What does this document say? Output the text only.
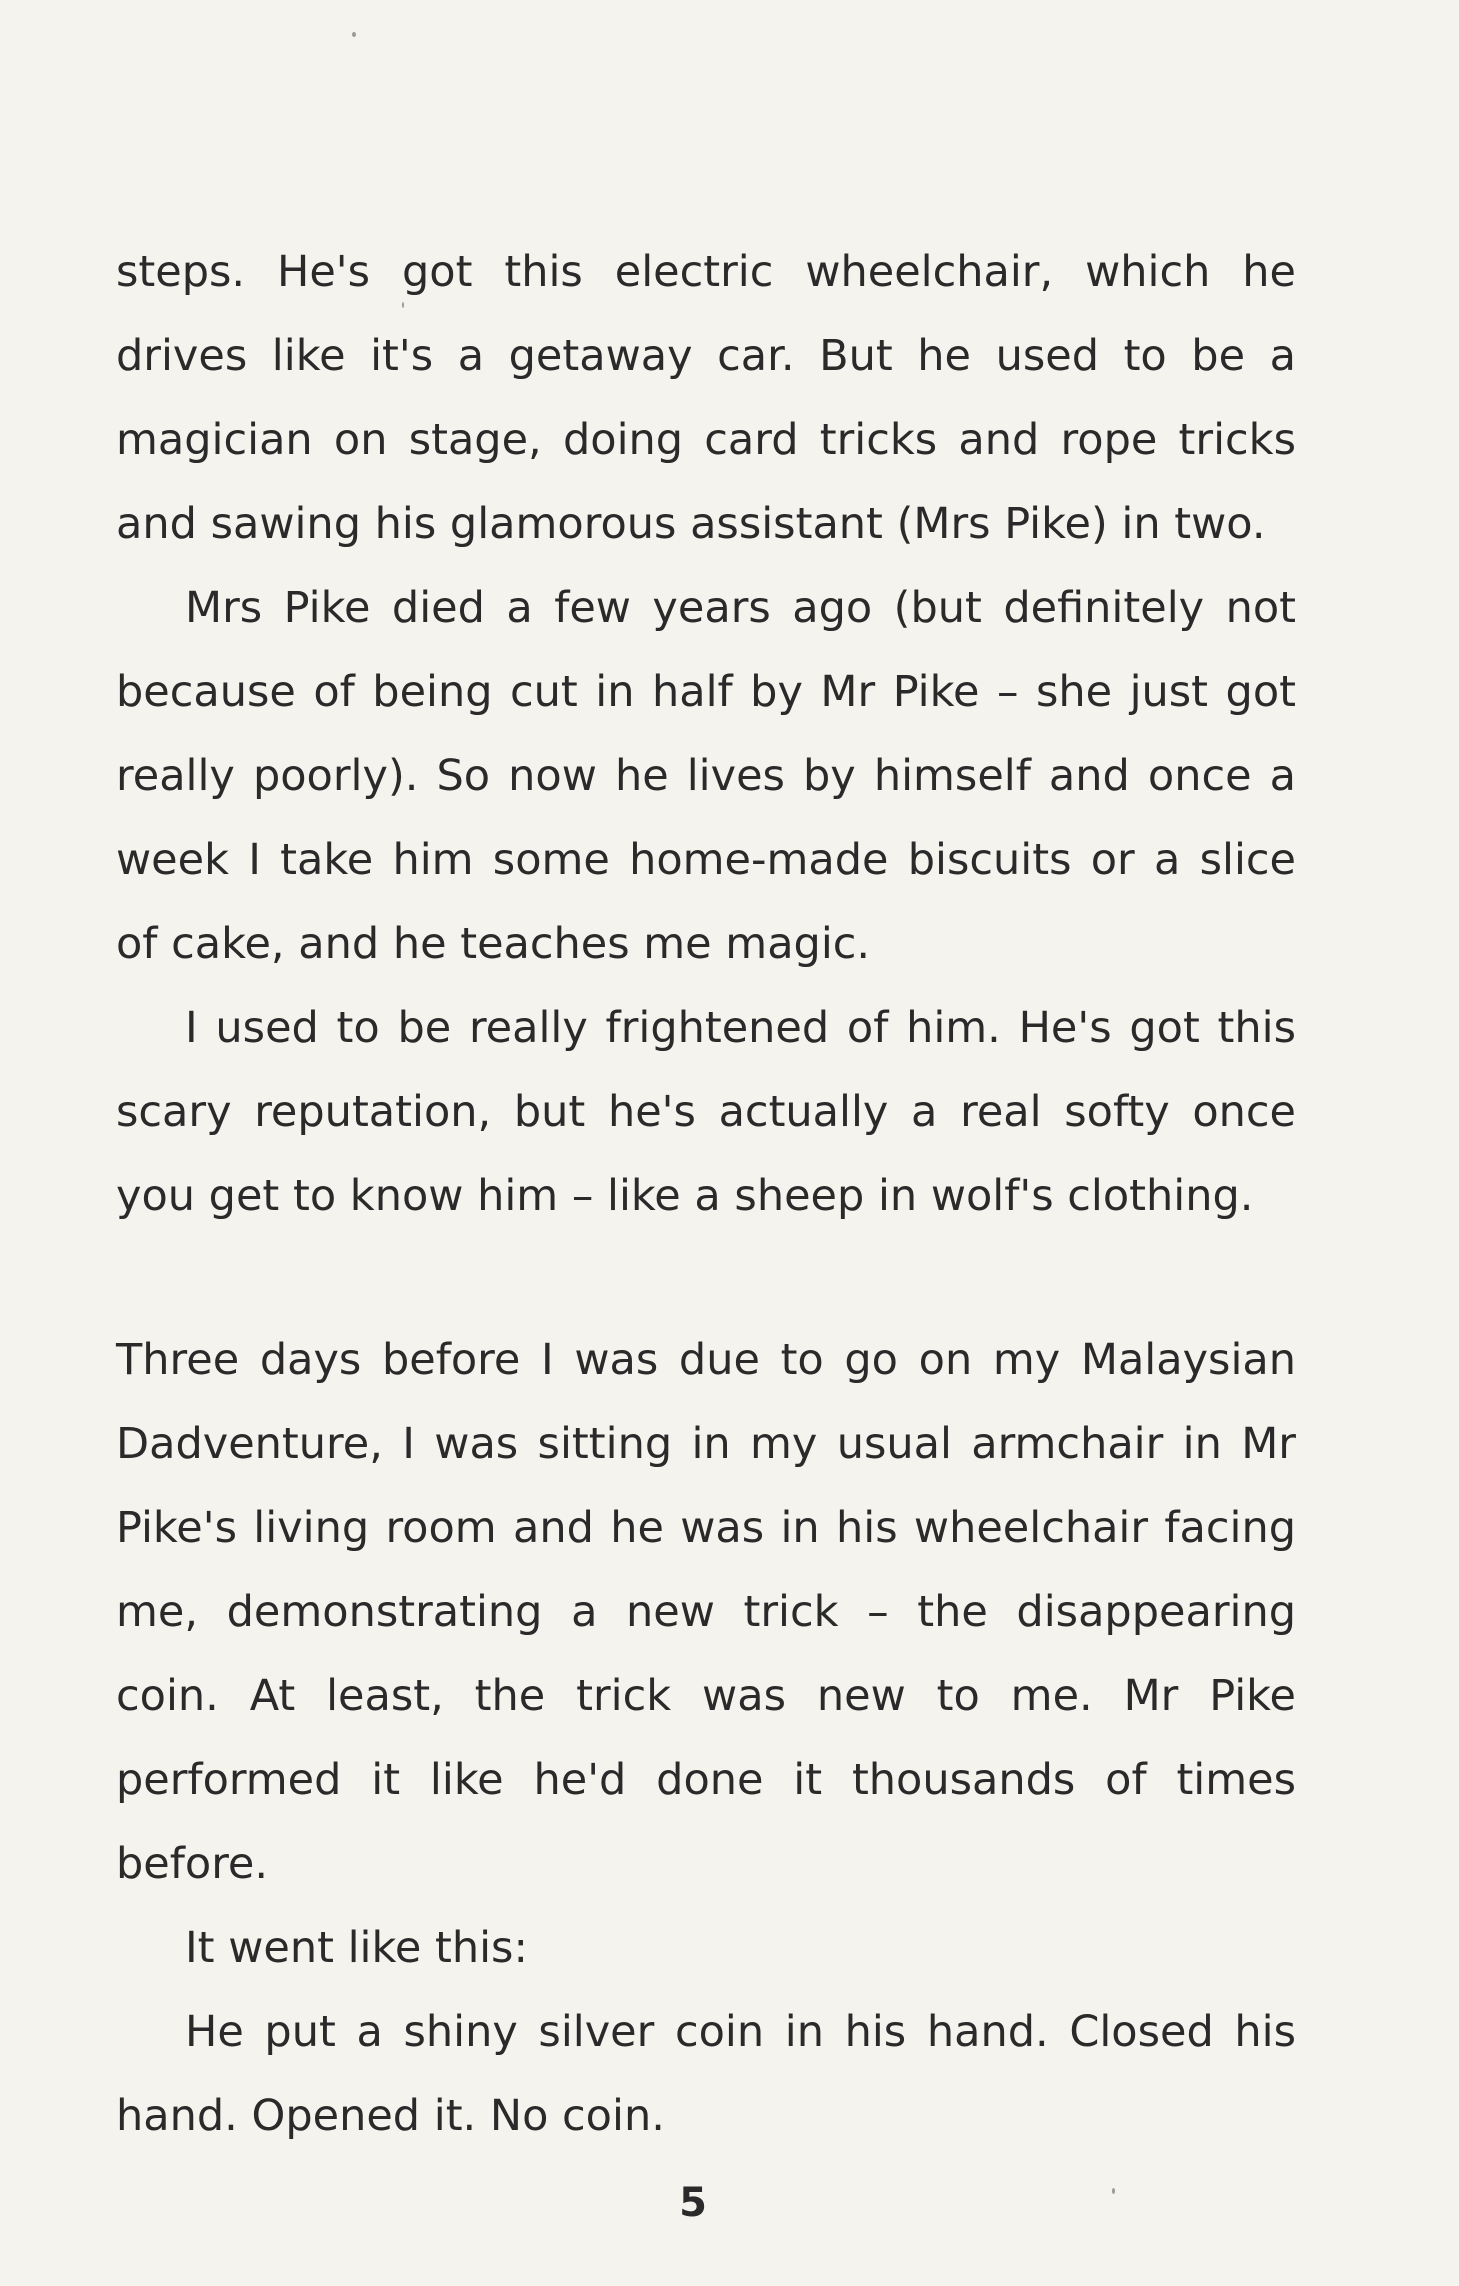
steps. He's got this electric wheelchair, which he drives like it's a getaway car. But he used to be a magician on stage, doing card tricks and rope tricks and sawing his glamorous assistant (Mrs Pike) in two.

Mrs Pike died a few years ago (but definitely not because of being cut in half by Mr Pike – she just got really poorly). So now he lives by himself and once a week I take him some home-made biscuits or a slice of cake, and he teaches me magic.

I used to be really frightened of him. He's got this scary reputation, but he's actually a real softy once you get to know him – like a sheep in wolf's clothing.

Three days before I was due to go on my Malaysian Dadventure, I was sitting in my usual armchair in Mr Pike's living room and he was in his wheelchair facing me, demonstrating a new trick – the disappearing coin. At least, the trick was new to me. Mr Pike performed it like he'd done it thousands of times before.

It went like this:

He put a shiny silver coin in his hand. Closed his hand. Opened it. No coin.

5
